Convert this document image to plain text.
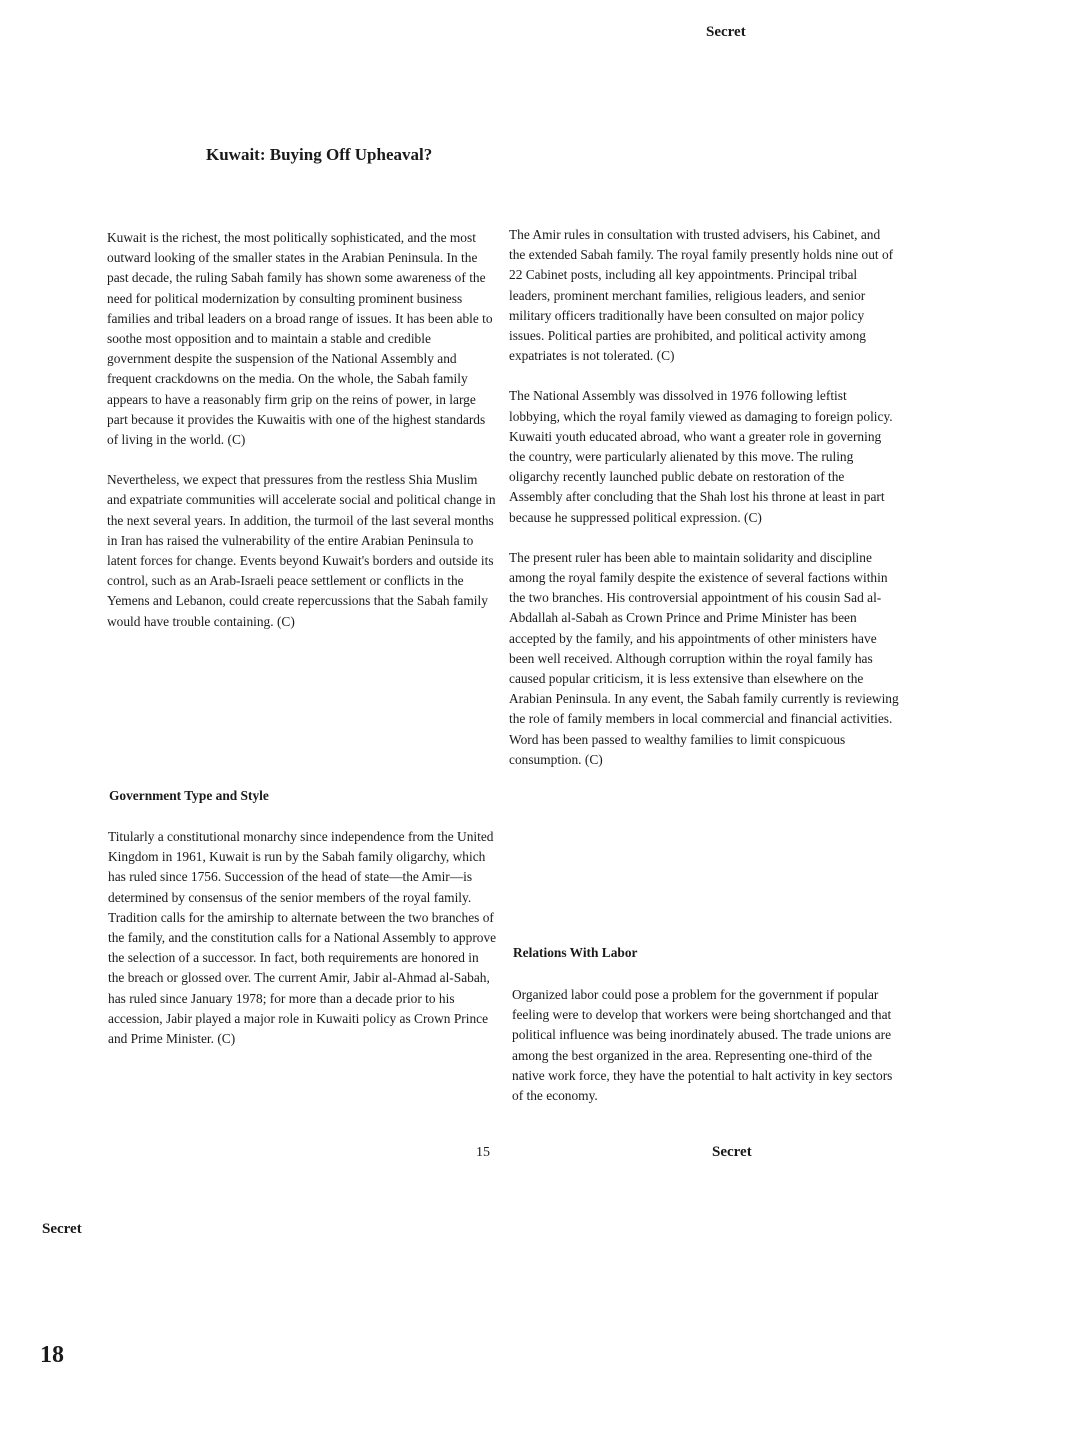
Secret
Kuwait: Buying Off Upheaval?

Kuwait is the richest, the most politically sophisticated, and the most outward looking of the smaller states in the Arabian Peninsula. In the past decade, the ruling Sabah family has shown some awareness of the need for political modernization by consulting prominent business families and tribal leaders on a broad range of issues. It has been able to soothe most opposition and to maintain a stable and credible government despite the suspension of the National Assembly and frequent crackdowns on the media. On the whole, the Sabah family appears to have a reasonably firm grip on the reins of power, in large part because it provides the Kuwaitis with one of the highest standards of living in the world. (C)

Nevertheless, we expect that pressures from the restless Shia Muslim and expatriate communities will accelerate social and political change in the next several years. In addition, the turmoil of the last several months in Iran has raised the vulnerability of the entire Arabian Peninsula to latent forces for change. Events beyond Kuwait's borders and outside its control, such as an Arab-Israeli peace settlement or conflicts in the Yemens and Lebanon, could create repercussions that the Sabah family would have trouble containing. (C)

Government Type and Style

Titularly a constitutional monarchy since independence from the United Kingdom in 1961, Kuwait is run by the Sabah family oligarchy, which has ruled since 1756. Succession of the head of state—the Amir—is determined by consensus of the senior members of the royal family. Tradition calls for the amirship to alternate between the two branches of the family, and the constitution calls for a National Assembly to approve the selection of a successor. In fact, both requirements are honored in the breach or glossed over. The current Amir, Jabir al-Ahmad al-Sabah, has ruled since January 1978; for more than a decade prior to his accession, Jabir played a major role in Kuwaiti policy as Crown Prince and Prime Minister. (C)

The Amir rules in consultation with trusted advisers, his Cabinet, and the extended Sabah family. The royal family presently holds nine out of 22 Cabinet posts, including all key appointments. Principal tribal leaders, prominent merchant families, religious leaders, and senior military officers traditionally have been consulted on major policy issues. Political parties are prohibited, and political activity among expatriates is not tolerated. (C)

The National Assembly was dissolved in 1976 following leftist lobbying, which the royal family viewed as damaging to foreign policy. Kuwaiti youth educated abroad, who want a greater role in governing the country, were particularly alienated by this move. The ruling oligarchy recently launched public debate on restoration of the Assembly after concluding that the Shah lost his throne at least in part because he suppressed political expression. (C)

The present ruler has been able to maintain solidarity and discipline among the royal family despite the existence of several factions within the two branches. His controversial appointment of his cousin Sad al-Abdallah al-Sabah as Crown Prince and Prime Minister has been accepted by the family, and his appointments of other ministers have been well received. Although corruption within the royal family has caused popular criticism, it is less extensive than elsewhere on the Arabian Peninsula. In any event, the Sabah family currently is reviewing the role of family members in local commercial and financial activities. Word has been passed to wealthy families to limit conspicuous consumption. (C)

Relations With Labor

Organized labor could pose a problem for the government if popular feeling were to develop that workers were being shortchanged and that political influence was being inordinately abused. The trade unions are among the best organized in the area. Representing one-third of the native work force, they have the potential to halt activity in key sectors of the economy.

15	Secret
Secret
18
